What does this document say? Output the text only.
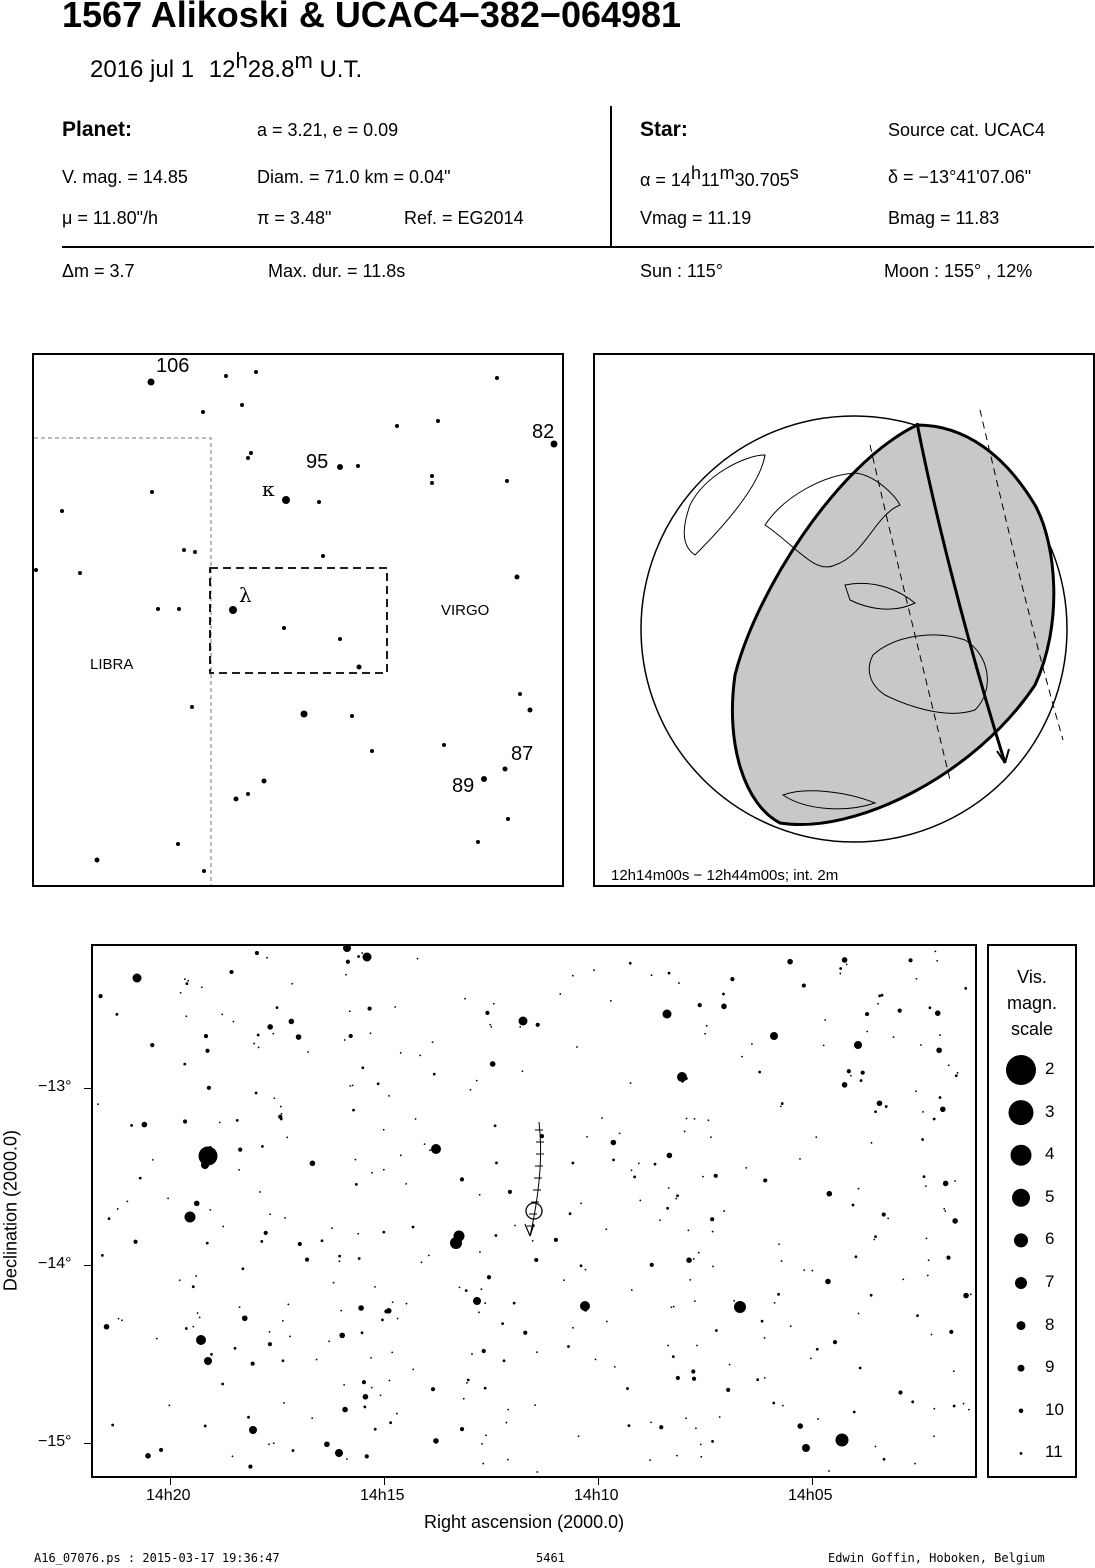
1567 Alikoski & UCAC4−382−064981
2016 jul 1 12$^h$28.8$^m$ U.T.
Planet:	a = 3.21, e = 0.09
V. mag. = 14.85	Diam. = 71.0 km = 0.04"
μ = 11.80"/h	π = 3.48"	Ref. = EG2014
Star:	Source cat. UCAC4
$\alpha = 14^h11^m30.705^s$	δ = −13°41'07.06"
Vmag = 11.19	Bmag = 11.83
Δm = 3.7	Max. dur. = 11.8s	Sun : 115°	Moon : 155° , 12%
106
82
95
κ
λ
87
89
VIRGO
LIBRA
12h14m00s − 12h44m00s; int. 2m
−13°
−14°
−15°
14h20	14h15	14h10	14h05
Right ascension (2000.0)
Declination (2000.0)
Vis.
magn.
scale
2
3
4
5
6
7
8
9
10
11
A16_07076.ps : 2015-03-17 19:36:47	5461	Edwin Goffin, Hoboken, Belgium
